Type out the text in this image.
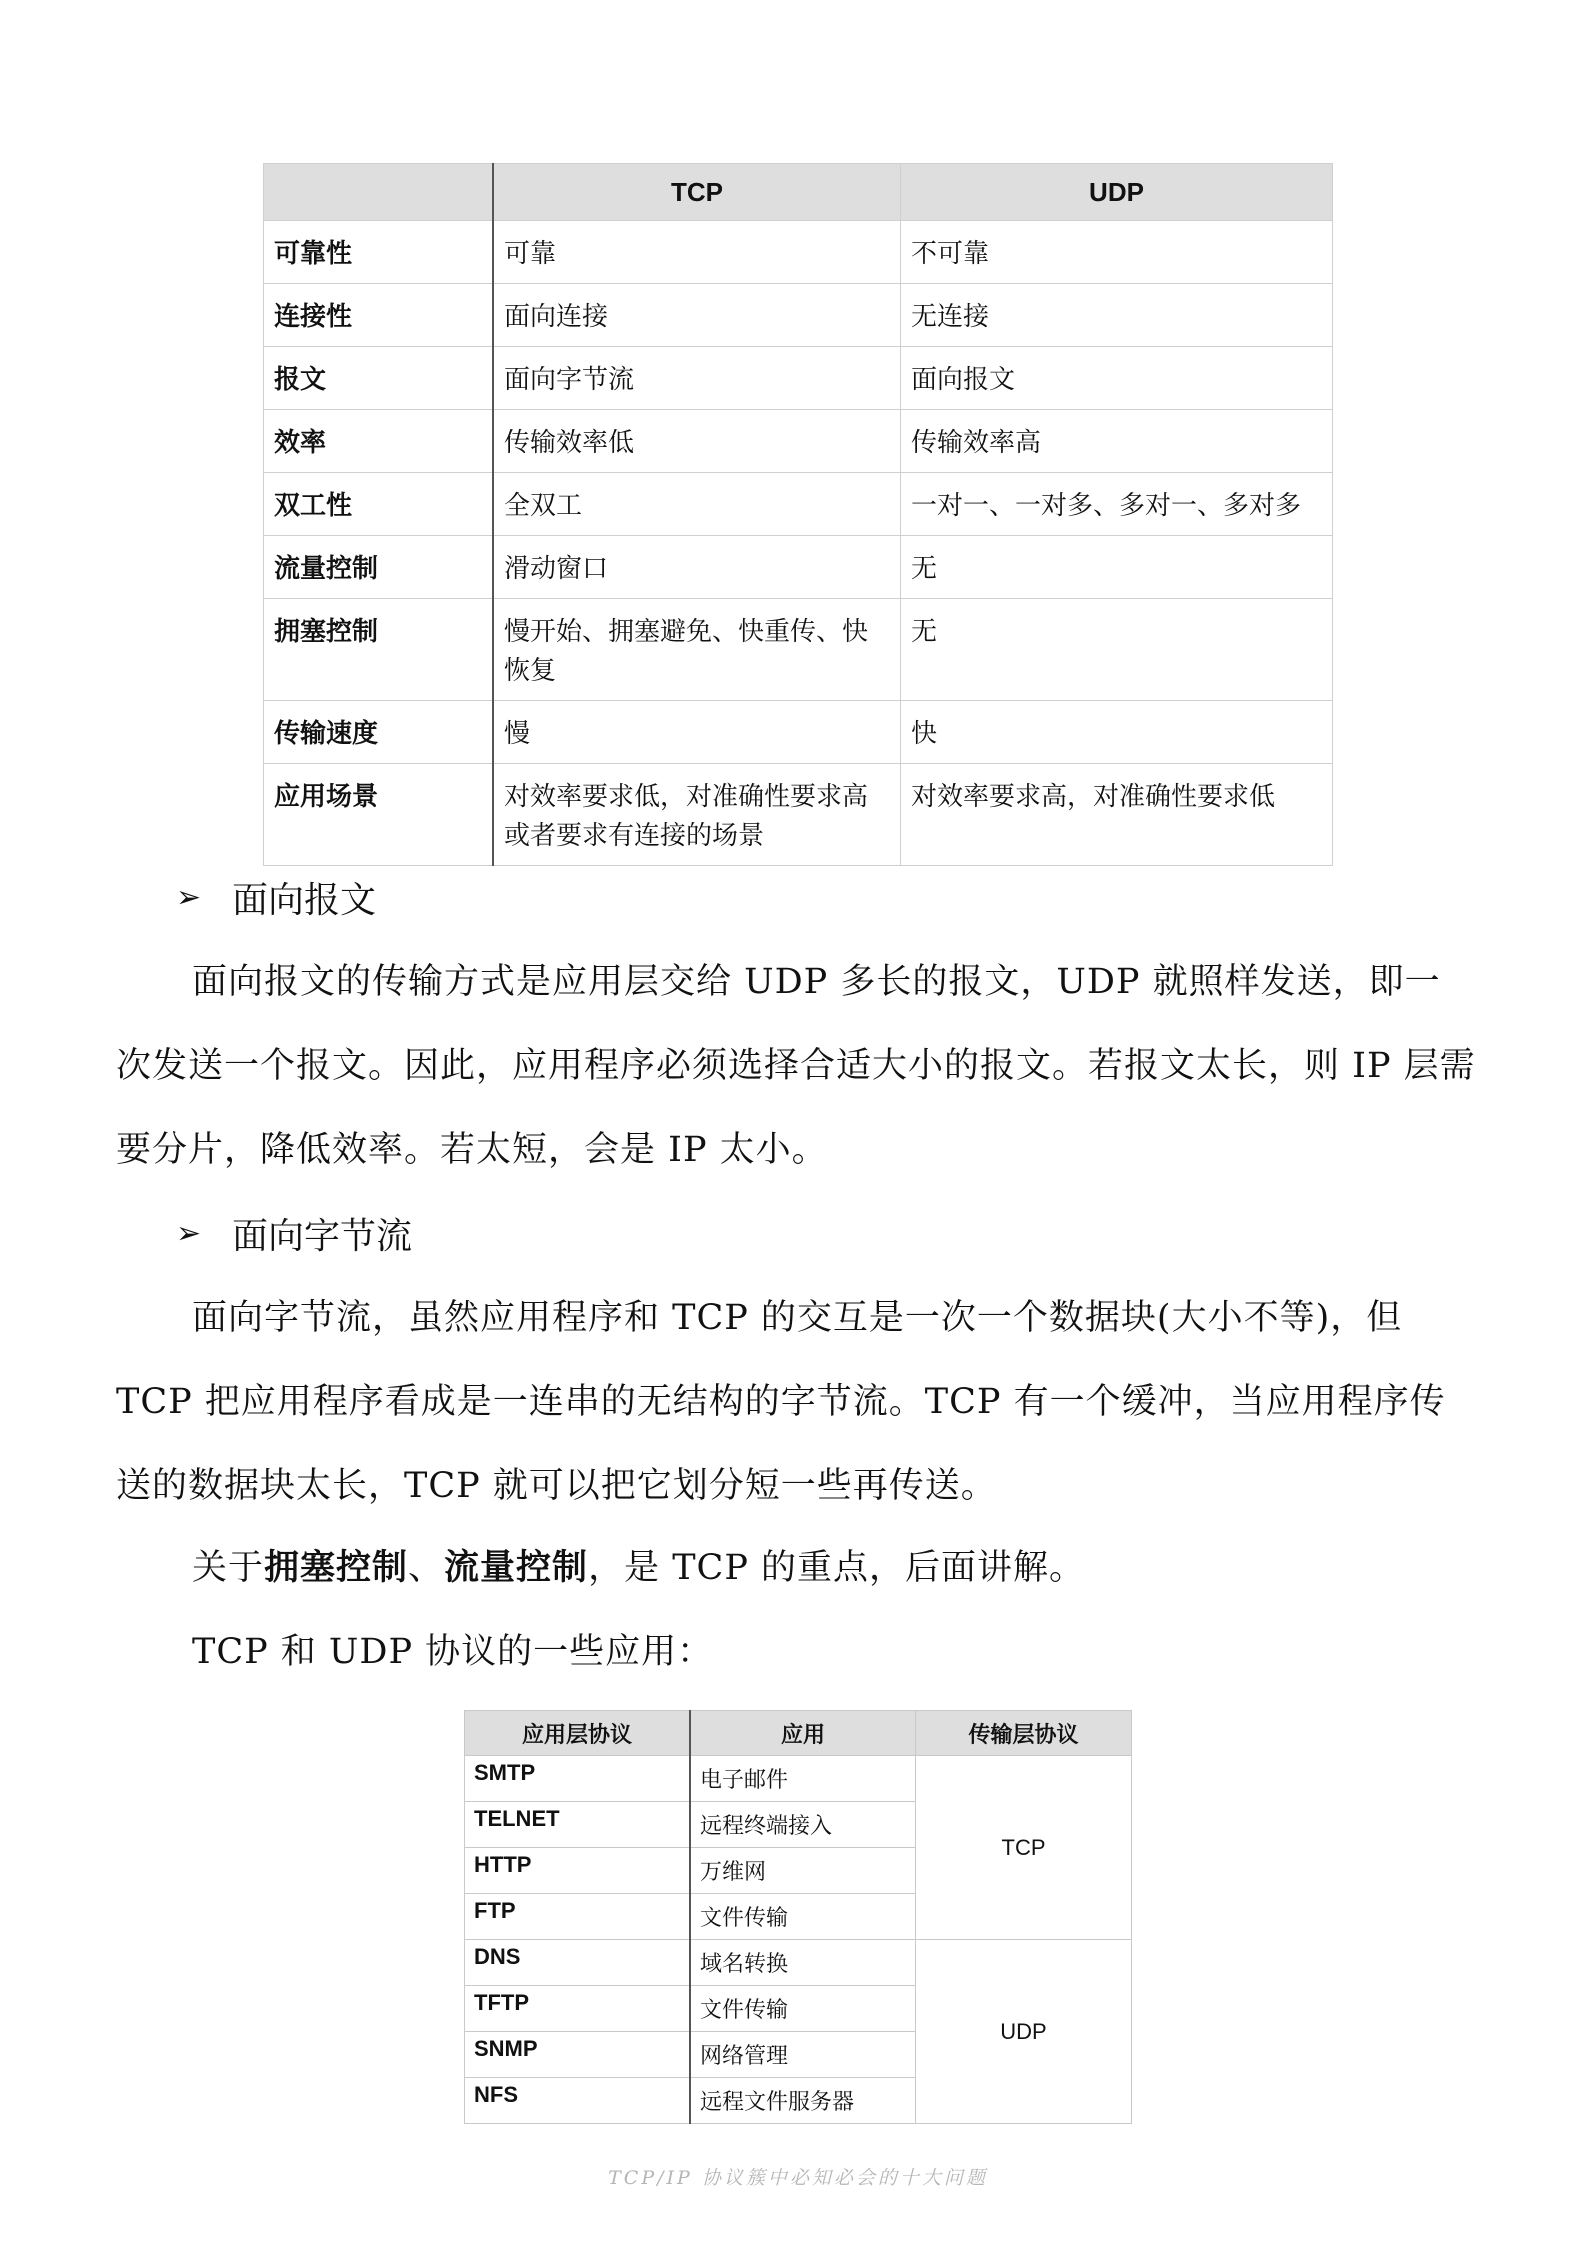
	TCP	UDP
可靠性	可靠	不可靠
连接性	面向连接	无连接
报文	面向字节流	面向报文
效率	传输效率低	传输效率高
双工性	全双工	一对一、一对多、多对一、多对多
流量控制	滑动窗口	无
拥塞控制	慢开始、拥塞避免、快重传、快恢复	无
传输速度	慢	快
应用场景	对效率要求低，对准确性要求高或者要求有连接的场景	对效率要求高，对准确性要求低
➢ 面向报文
面向报文的传输方式是应用层交给 UDP 多长的报文，UDP 就照样发送，即一次发送一个报文。因此，应用程序必须选择合适大小的报文。若报文太长，则 IP 层需要分片，降低效率。若太短，会是 IP 太小。
➢ 面向字节流
面向字节流，虽然应用程序和 TCP 的交互是一次一个数据块(大小不等)，但 TCP 把应用程序看成是一连串的无结构的字节流。TCP 有一个缓冲，当应用程序传送的数据块太长，TCP 就可以把它划分短一些再传送。
关于拥塞控制、流量控制，是 TCP 的重点，后面讲解。
TCP 和 UDP 协议的一些应用：
应用层协议	应用	传输层协议
SMTP	电子邮件	TCP
TELNET	远程终端接入	
HTTP	万维网	
FTP	文件传输	
DNS	域名转换	UDP
TFTP	文件传输	
SNMP	网络管理	
NFS	远程文件服务器	
TCP/IP 协议簇中必知必会的十大问题
